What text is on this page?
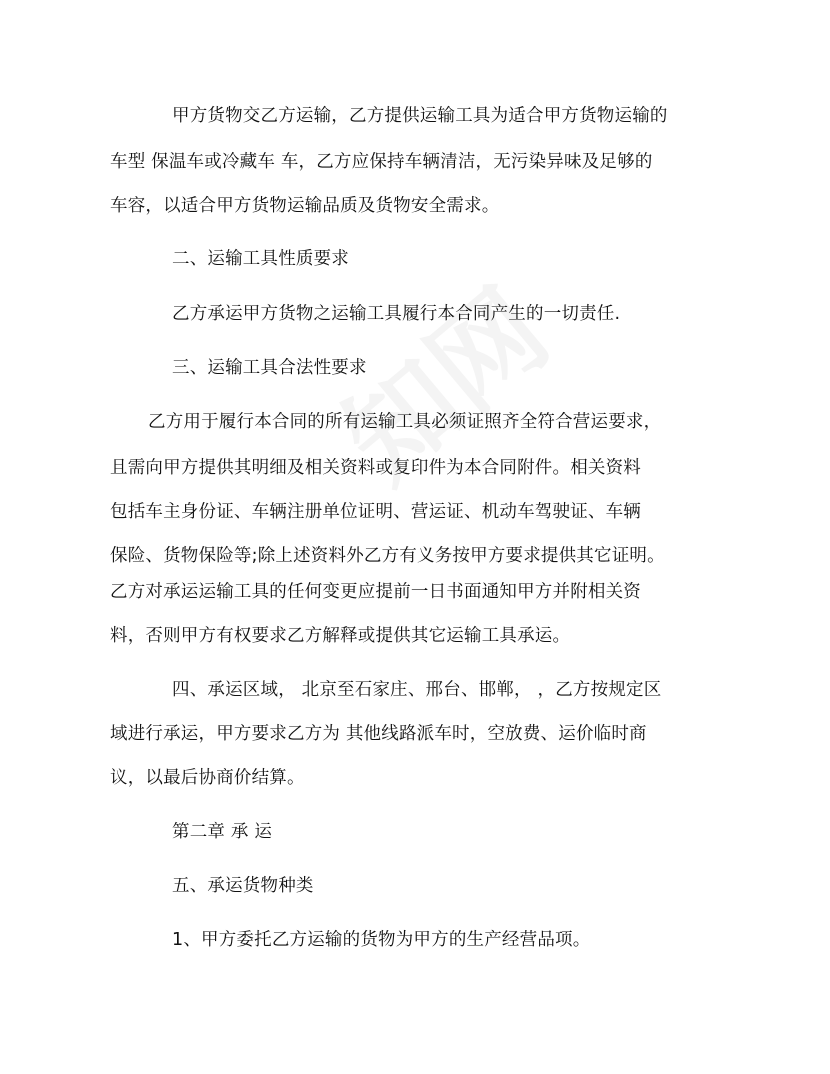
甲方货物交乙方运输，乙方提供运输工具为适合甲方货物运输的
车型 保温车或冷藏车 车，乙方应保持车辆清洁，无污染异味及足够的
车容，以适合甲方货物运输品质及货物安全需求。
二、运输工具性质要求
乙方承运甲方货物之运输工具履行本合同产生的一切责任.
三、运输工具合法性要求
乙方用于履行本合同的所有运输工具必须证照齐全符合营运要求，
且需向甲方提供其明细及相关资料或复印件为本合同附件。相关资料
包括车主身份证、车辆注册单位证明、营运证、机动车驾驶证、车辆
保险、货物保险等;除上述资料外乙方有义务按甲方要求提供其它证明。
乙方对承运运输工具的任何变更应提前一日书面通知甲方并附相关资
料，否则甲方有权要求乙方解释或提供其它运输工具承运。
四、承运区域， 北京至石家庄、邢台、邯郸， ，乙方按规定区
域进行承运，甲方要求乙方为 其他线路派车时，空放费、运价临时商
议，以最后协商价结算。
第二章 承 运
五、承运货物种类
1、甲方委托乙方运输的货物为甲方的生产经营品项。
